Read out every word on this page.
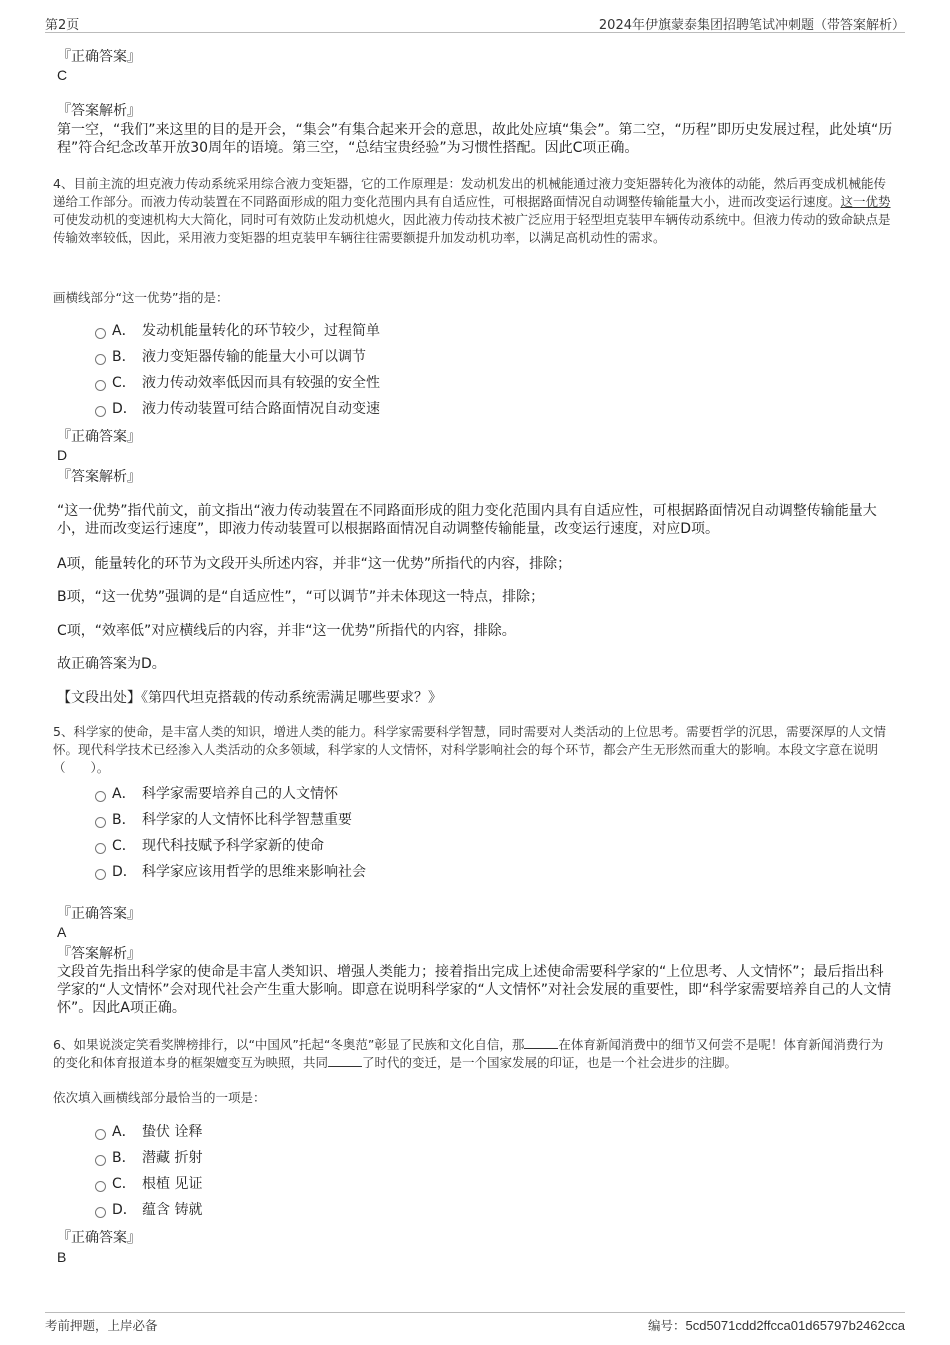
第2页	2024年伊旗蒙泰集团招聘笔试冲刺题（带答案解析）

『正确答案』

C

『答案解析』

第一空，“我们”来这里的目的是开会，“集会”有集合起来开会的意思，故此处应填“集会”。第二空，“历程”即历史发展过程，此处填“历程”符合纪念改革开放30周年的语境。第三空，“总结宝贵经验”为习惯性搭配。因此C项正确。

4、目前主流的坦克液力传动系统采用综合液力变矩器，它的工作原理是：发动机发出的机械能通过液力变矩器转化为液体的动能，然后再变成机械能传递给工作部分。而液力传动装置在不同路面形成的阻力变化范围内具有自适应性，可根据路面情况自动调整传输能量大小，进而改变运行速度。这一优势可使发动机的变速机构大大简化，同时可有效防止发动机熄火，因此液力传动技术被广泛应用于轻型坦克装甲车辆传动系统中。但液力传动的致命缺点是传输效率较低，因此，采用液力变矩器的坦克装甲车辆往往需要额提升加发动机功率，以满足高机动性的需求。

画横线部分“这一优势”指的是：

A． 发动机能量转化的环节较少，过程简单
B． 液力变矩器传输的能量大小可以调节
C． 液力传动效率低因而具有较强的安全性
D． 液力传动装置可结合路面情况自动变速

『正确答案』

D

『答案解析』

“这一优势”指代前文，前文指出“液力传动装置在不同路面形成的阻力变化范围内具有自适应性，可根据路面情况自动调整传输能量大小，进而改变运行速度”，即液力传动装置可以根据路面情况自动调整传输能量，改变运行速度，对应D项。

A项，能量转化的环节为文段开头所述内容，并非“这一优势”所指代的内容，排除；

B项，“这一优势”强调的是“自适应性”，“可以调节”并未体现这一特点，排除；

C项，“效率低”对应横线后的内容，并非“这一优势”所指代的内容，排除。

故正确答案为D。

【文段出处】《第四代坦克搭载的传动系统需满足哪些要求？》

5、科学家的使命，是丰富人类的知识，增进人类的能力。科学家需要科学智慧，同时需要对人类活动的上位思考。需要哲学的沉思，需要深厚的人文情怀。现代科学技术已经渗入人类活动的众多领域，科学家的人文情怀，对科学影响社会的每个环节，都会产生无形然而重大的影响。本段文字意在说明（　　）。

A． 科学家需要培养自己的人文情怀
B． 科学家的人文情怀比科学智慧重要
C． 现代科技赋予科学家新的使命
D． 科学家应该用哲学的思维来影响社会

『正确答案』

A

『答案解析』

文段首先指出科学家的使命是丰富人类知识、增强人类能力；接着指出完成上述使命需要科学家的“上位思考、人文情怀”；最后指出科学家的“人文情怀”会对现代社会产生重大影响。即意在说明科学家的“人文情怀”对社会发展的重要性，即“科学家需要培养自己的人文情怀”。因此A项正确。

6、如果说淡定笑看奖牌榜排行，以“中国风”托起“冬奥范”彰显了民族和文化自信，那	在体育新闻消费中的细节又何尝不是呢！体育新闻消费行为的变化和体育报道本身的框架嬗变互为映照，共同	了时代的变迁，是一个国家发展的印证，也是一个社会进步的注脚。

依次填入画横线部分最恰当的一项是：

A． 蛰伏 诠释
B． 潜藏 折射
C． 根植 见证
D． 蕴含 铸就

『正确答案』

B

考前押题，上岸必备	编号：5cd5071cdd2ffcca01d65797b2462cca
